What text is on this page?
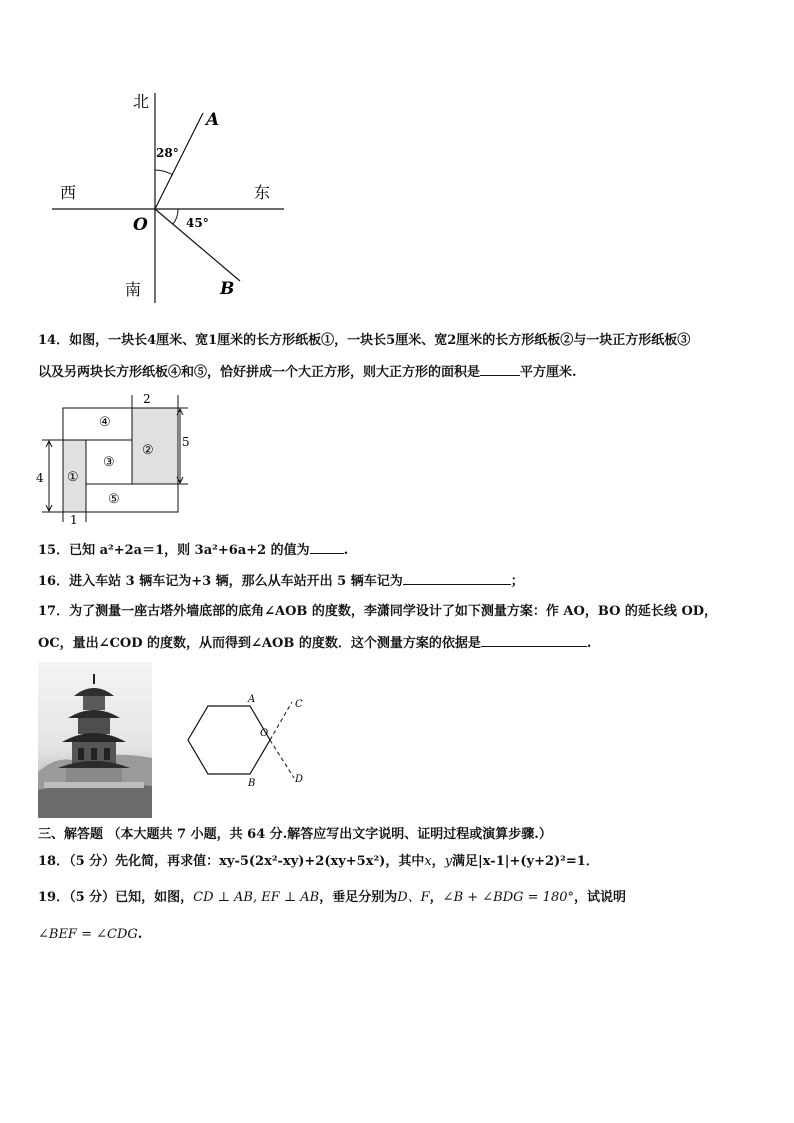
北
南
西	东
O
A
B
28°
45°
14．如图，一块长4厘米、宽1厘米的长方形纸板①，一块长5厘米、宽2厘米的长方形纸板②与一块正方形纸板③
以及另两块长方形纸板④和⑤，恰好拼成一个大正方形，则大正方形的面积是	平方厘米.
④
②
③
①
⑤
2
5
4
1
15．已知 a²+2a＝1，则 3a²+6a+2 的值为	.
16．进入车站 3 辆车记为+3 辆，那么从车站开出 5 辆车记为	；
17．为了测量一座古塔外墙底部的底角∠AOB 的度数，李潇同学设计了如下测量方案：作 AO，BO 的延长线 OD，
OC，量出∠COD 的度数，从而得到∠AOB 的度数．这个测量方案的依据是	.
A
B
C
D
O
三、解答题 （本大题共 7 小题，共 64 分.解答应写出文字说明、证明过程或演算步骤.）
18．（5 分）先化简，再求值：xy-5(2x²-xy)+2(xy+5x²)，其中x，y满足|x-1|+(y+2)²=1．
19．（5 分）已知，如图，CD ⊥ AB, EF ⊥ AB，垂足分别为D、F，∠B + ∠BDG = 180°，试说明
∠BEF = ∠CDG.
